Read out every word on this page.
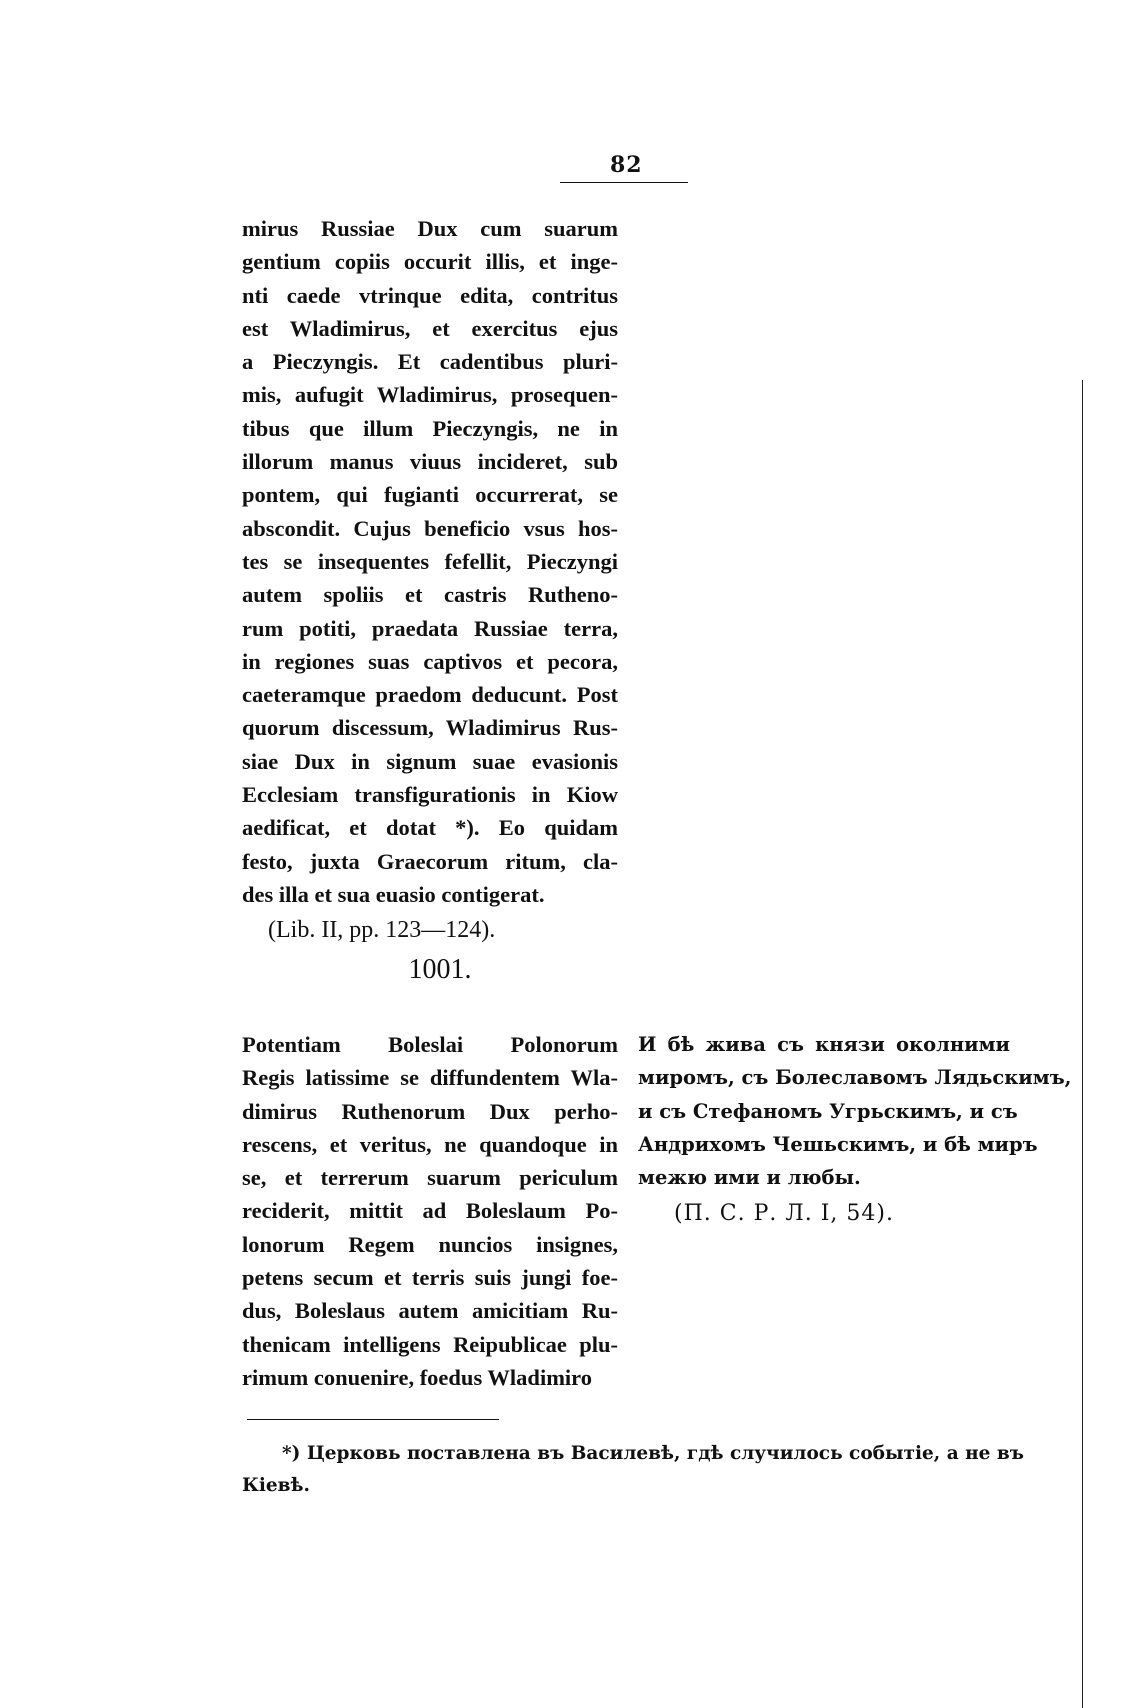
82
mirus Russiae Dux cum suarum
gentium copiis occurit illis, et inge-
nti caede vtrinque edita, contritus
est Wladimirus, et exercitus ejus
a Pieczyngis. Et cadentibus pluri-
mis, aufugit Wladimirus, prosequen-
tibus que illum Pieczyngis, ne in
illorum manus viuus incideret, sub
pontem, qui fugianti occurrerat, se
abscondit. Cujus beneficio vsus hos-
tes se insequentes fefellit, Pieczyngi
autem spoliis et castris Ruthenо-
rum potiti, praedata Russiae terra,
in regiones suas captivos et pecora,
caeteramque praedom deducunt. Post
quorum discessum, Wladimirus Rus-
siae Dux in signum suae evasionis
Ecclesiam transfigurationis in Kiow
aedificat, et dotat *). Eo quidam
festo, juxta Graecorum ritum, cla-
des illa et sua euasio contigerat.
(Lib. II, pp. 123—124).
1001.
Potentiam Boleslai Polonorum
Regis latissime se diffundentem Wla-
dimirus Ruthenorum Dux perho-
rescens, et veritus, ne quandoque in
se, et terrerum suarum periculum
reciderit, mittit ad Boleslaum Po-
lonorum Regem nuncios insignes,
petens secum et terris suis jungi foe-
dus, Boleslaus autem amicitiam Ru-
thenicam intelligens Reipublicae plu-
rimum conuenire, foedus Wladimiro
И бѣ жива съ князи околними
миромъ, съ Болеславомъ Лядьскимъ,
и съ Стефаномъ Угрьскимъ, и съ
Андрихомъ Чешьскимъ, и бѣ миръ
межю ими и любы.
(П. С. Р. Л. I, 54).
*) Церковь поставлена въ Василевѣ, гдѣ случилось событіе, а не въ
Кіевѣ.
